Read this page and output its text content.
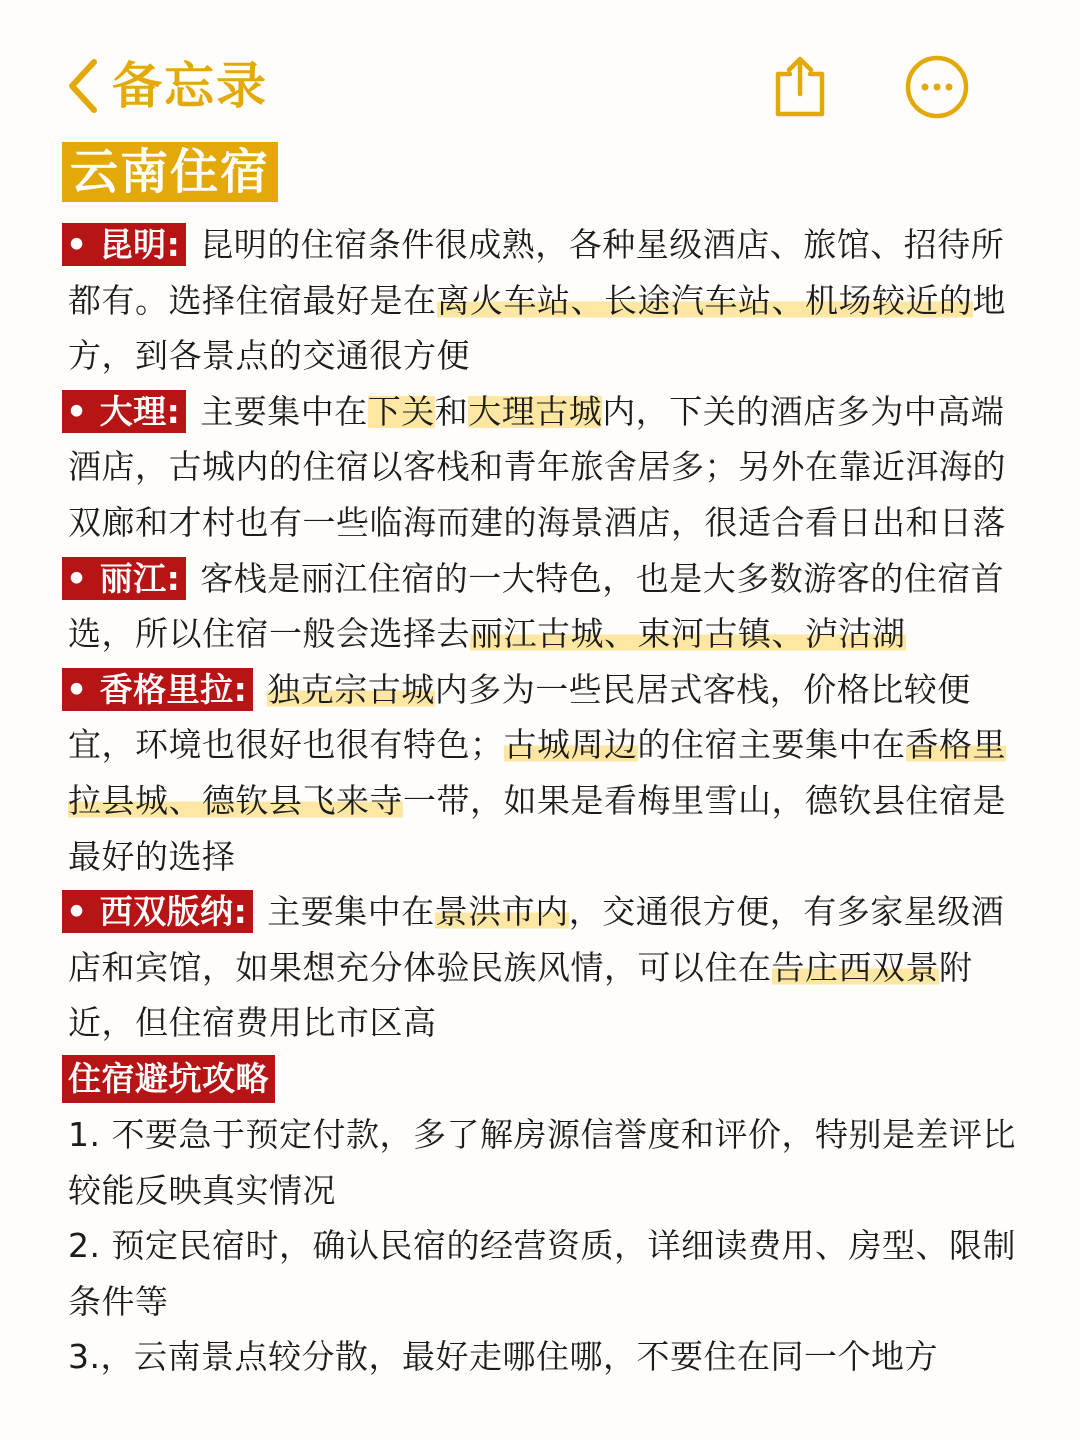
备忘录
云南住宿
• 昆明: 昆明的住宿条件很成熟，各种星级酒店、旅馆、招待所都有。选择住宿最好是在离火车站、长途汽车站、机场较近的地方，到各景点的交通很方便
• 大理: 主要集中在下关和大理古城内，下关的酒店多为中高端酒店，古城内的住宿以客栈和青年旅舍居多；另外在靠近洱海的双廊和才村也有一些临海而建的海景酒店，很适合看日出和日落
• 丽江: 客栈是丽江住宿的一大特色，也是大多数游客的住宿首选，所以住宿一般会选择去丽江古城、束河古镇、泸沽湖
• 香格里拉: 独克宗古城内多为一些民居式客栈，价格比较便宜，环境也很好也很有特色；古城周边的住宿主要集中在香格里拉县城、德钦县飞来寺一带，如果是看梅里雪山，德钦县住宿是最好的选择
• 西双版纳: 主要集中在景洪市内，交通很方便，有多家星级酒店和宾馆，如果想充分体验民族风情，可以住在告庄西双景附近，但住宿费用比市区高
住宿避坑攻略
1. 不要急于预定付款，多了解房源信誉度和评价，特别是差评比较能反映真实情况
2. 预定民宿时，确认民宿的经营资质，详细读费用、房型、限制条件等
3.，云南景点较分散，最好走哪住哪，不要住在同一个地方
